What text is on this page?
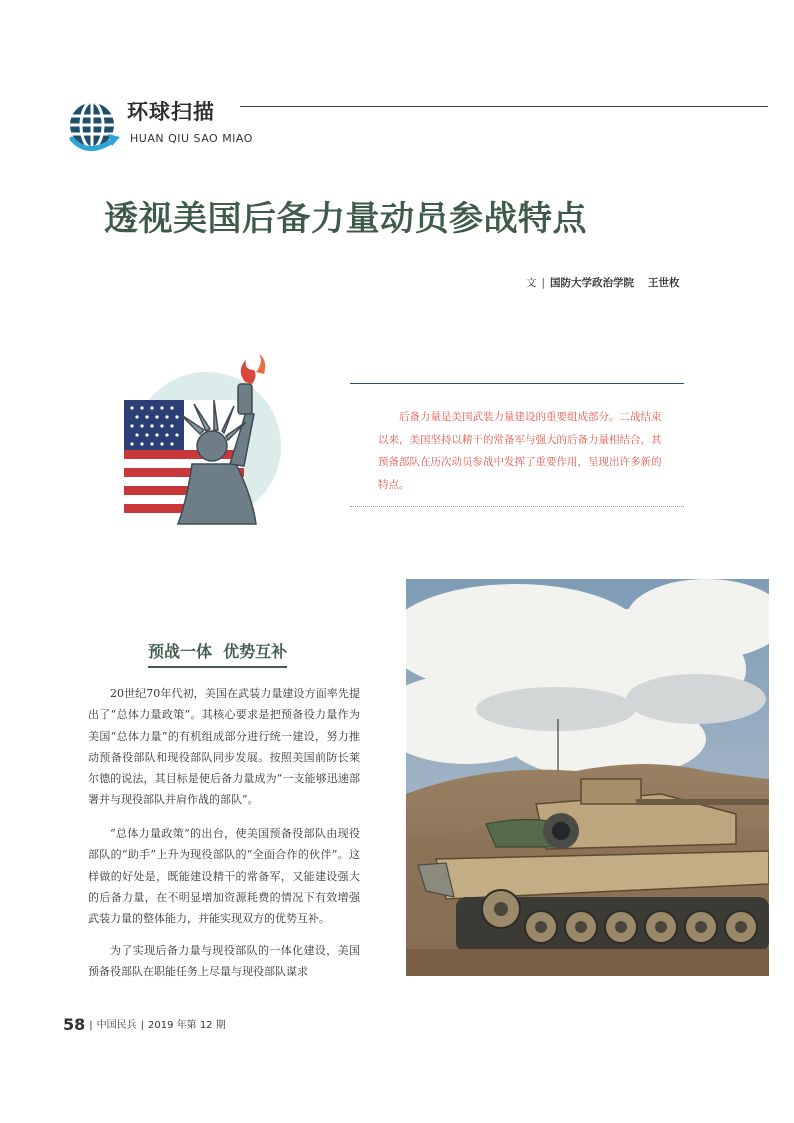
环球扫描
HUAN QIU SAO MIAO
透视美国后备力量动员参战特点
文 | 国防大学政治学院 王世枚
后备力量是美国武装力量建设的重要组成部分。二战结束以来，美国坚持以精干的常备军与强大的后备力量相结合，其预备部队在历次动员参战中发挥了重要作用，呈现出许多新的特点。
预战一体  优势互补

20世纪70年代初，美国在武装力量建设方面率先提出了“总体力量政策”。其核心要求是把预备役力量作为美国“总体力量”的有机组成部分进行统一建设，努力推动预备役部队和现役部队同步发展。按照美国前防长莱尔德的说法，其目标是使后备力量成为“一支能够迅速部署并与现役部队并肩作战的部队”。

“总体力量政策”的出台，使美国预备役部队由现役部队的“助手”上升为现役部队的“全面合作的伙伴”。这样做的好处是，既能建设精干的常备军，又能建设强大的后备力量，在不明显增加资源耗费的情况下有效增强武装力量的整体能力，并能实现双方的优势互补。

为了实现后备力量与现役部队的一体化建设，美国预备役部队在职能任务上尽量与现役部队谋求

58 | 中国民兵 | 2019 年第 12 期
